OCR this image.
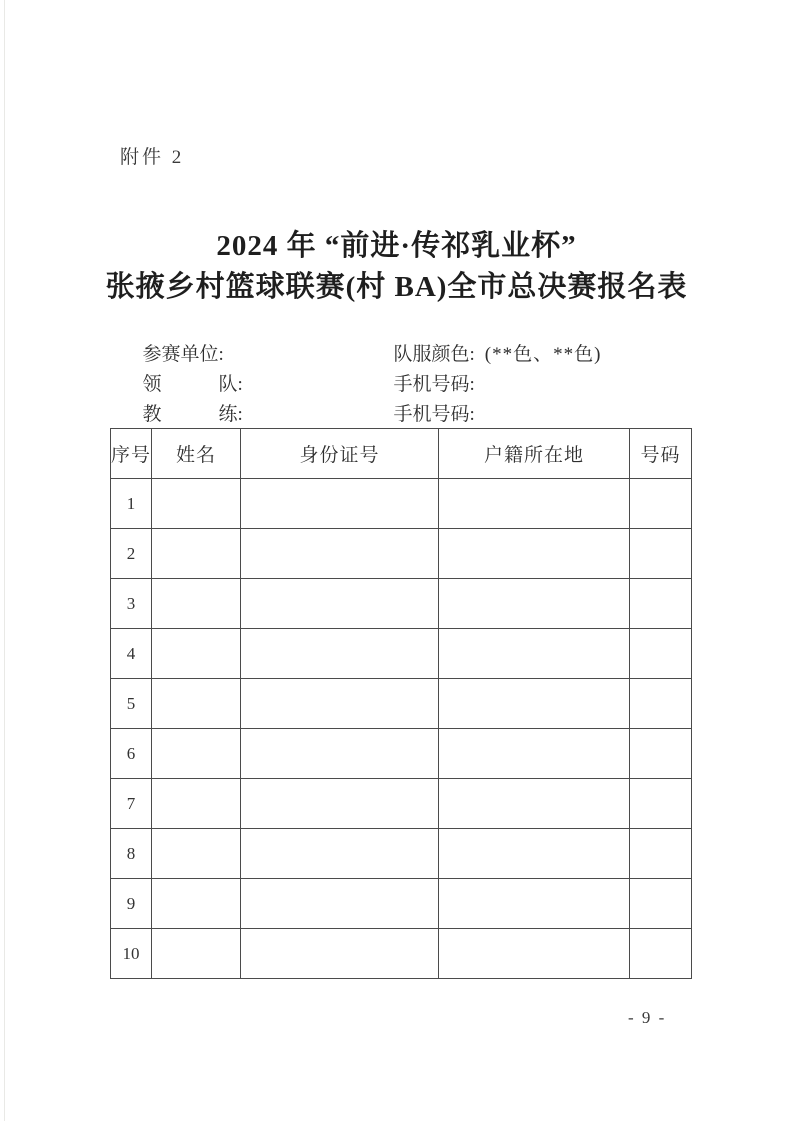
附件 2
2024 年 “前进·传祁乳业杯”
张掖乡村篮球联赛(村 BA)全市总决赛报名表

参赛单位:
	队服颜色: (**色、**色)

领　　　队:
	手机号码:

教　　　练:
	手机号码:

序号	姓名	身份证号	户籍所在地	号码
1				
2				
3				
4				
5				
6				
7				
8				
9				
10				
- 9 -
